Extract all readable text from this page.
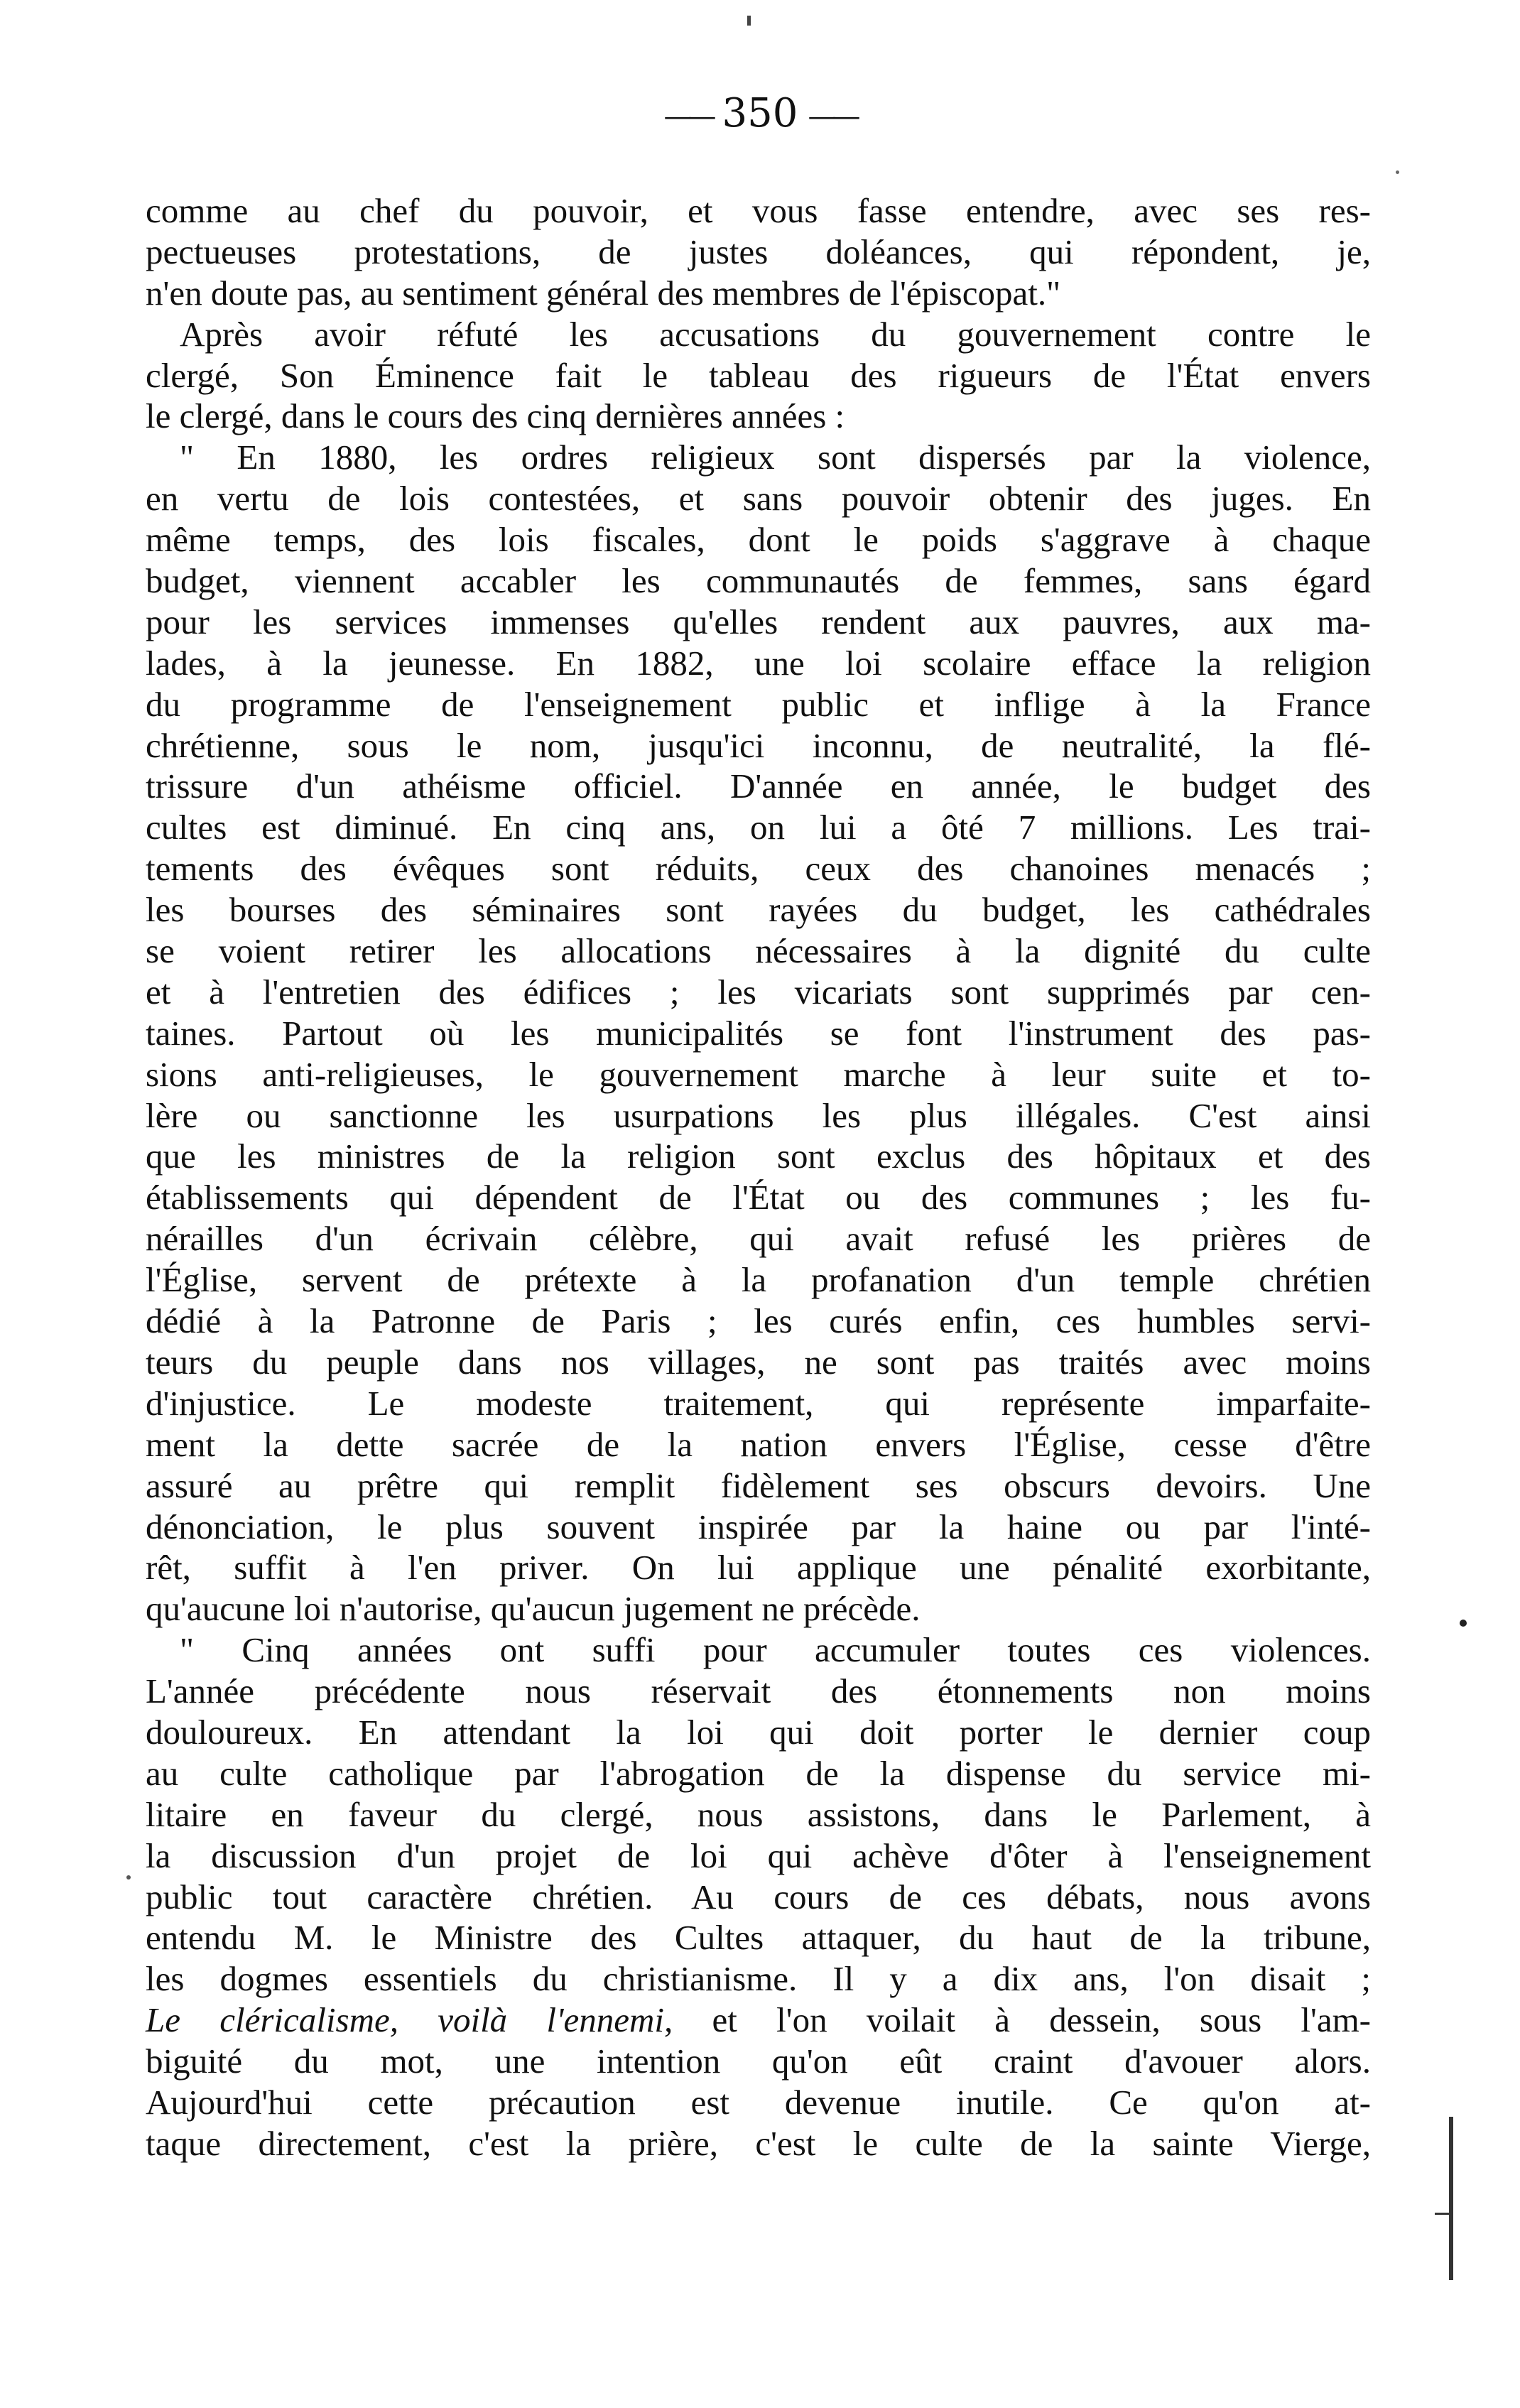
—— 350 ——
comme au chef du pouvoir, et vous fasse entendre, avec ses res-
pectueuses protestations, de justes doléances, qui répondent, je,
n'en doute pas, au sentiment général des membres de l'épiscopat."
Après avoir réfuté les accusations du gouvernement contre le
clergé, Son Éminence fait le tableau des rigueurs de l'État envers
le clergé, dans le cours des cinq dernières années :
" En 1880, les ordres religieux sont dispersés par la violence,
en vertu de lois contestées, et sans pouvoir obtenir des juges. En
même temps, des lois fiscales, dont le poids s'aggrave à chaque
budget, viennent accabler les communautés de femmes, sans égard
pour les services immenses qu'elles rendent aux pauvres, aux ma-
lades, à la jeunesse. En 1882, une loi scolaire efface la religion
du programme de l'enseignement public et inflige à la France
chrétienne, sous le nom, jusqu'ici inconnu, de neutralité, la flé-
trissure d'un athéisme officiel. D'année en année, le budget des
cultes est diminué. En cinq ans, on lui a ôté 7 millions. Les trai-
tements des évêques sont réduits, ceux des chanoines menacés ;
les bourses des séminaires sont rayées du budget, les cathédrales
se voient retirer les allocations nécessaires à la dignité du culte
et à l'entretien des édifices ; les vicariats sont supprimés par cen-
taines. Partout où les municipalités se font l'instrument des pas-
sions anti-religieuses, le gouvernement marche à leur suite et to-
lère ou sanctionne les usurpations les plus illégales. C'est ainsi
que les ministres de la religion sont exclus des hôpitaux et des
établissements qui dépendent de l'État ou des communes ; les fu-
nérailles d'un écrivain célèbre, qui avait refusé les prières de
l'Église, servent de prétexte à la profanation d'un temple chrétien
dédié à la Patronne de Paris ; les curés enfin, ces humbles servi-
teurs du peuple dans nos villages, ne sont pas traités avec moins
d'injustice. Le modeste traitement, qui représente imparfaite-
ment la dette sacrée de la nation envers l'Église, cesse d'être
assuré au prêtre qui remplit fidèlement ses obscurs devoirs. Une
dénonciation, le plus souvent inspirée par la haine ou par l'inté-
rêt, suffit à l'en priver. On lui applique une pénalité exorbitante,
qu'aucune loi n'autorise, qu'aucun jugement ne précède.
" Cinq années ont suffi pour accumuler toutes ces violences.
L'année précédente nous réservait des étonnements non moins
douloureux. En attendant la loi qui doit porter le dernier coup
au culte catholique par l'abrogation de la dispense du service mi-
litaire en faveur du clergé, nous assistons, dans le Parlement, à
la discussion d'un projet de loi qui achève d'ôter à l'enseignement
public tout caractère chrétien. Au cours de ces débats, nous avons
entendu M. le Ministre des Cultes attaquer, du haut de la tribune,
les dogmes essentiels du christianisme. Il y a dix ans, l'on disait ;
Le cléricalisme, voilà l'ennemi, et l'on voilait à dessein, sous l'am-
biguité du mot, une intention qu'on eût craint d'avouer alors.
Aujourd'hui cette précaution est devenue inutile. Ce qu'on at-
taque directement, c'est la prière, c'est le culte de la sainte Vierge,
